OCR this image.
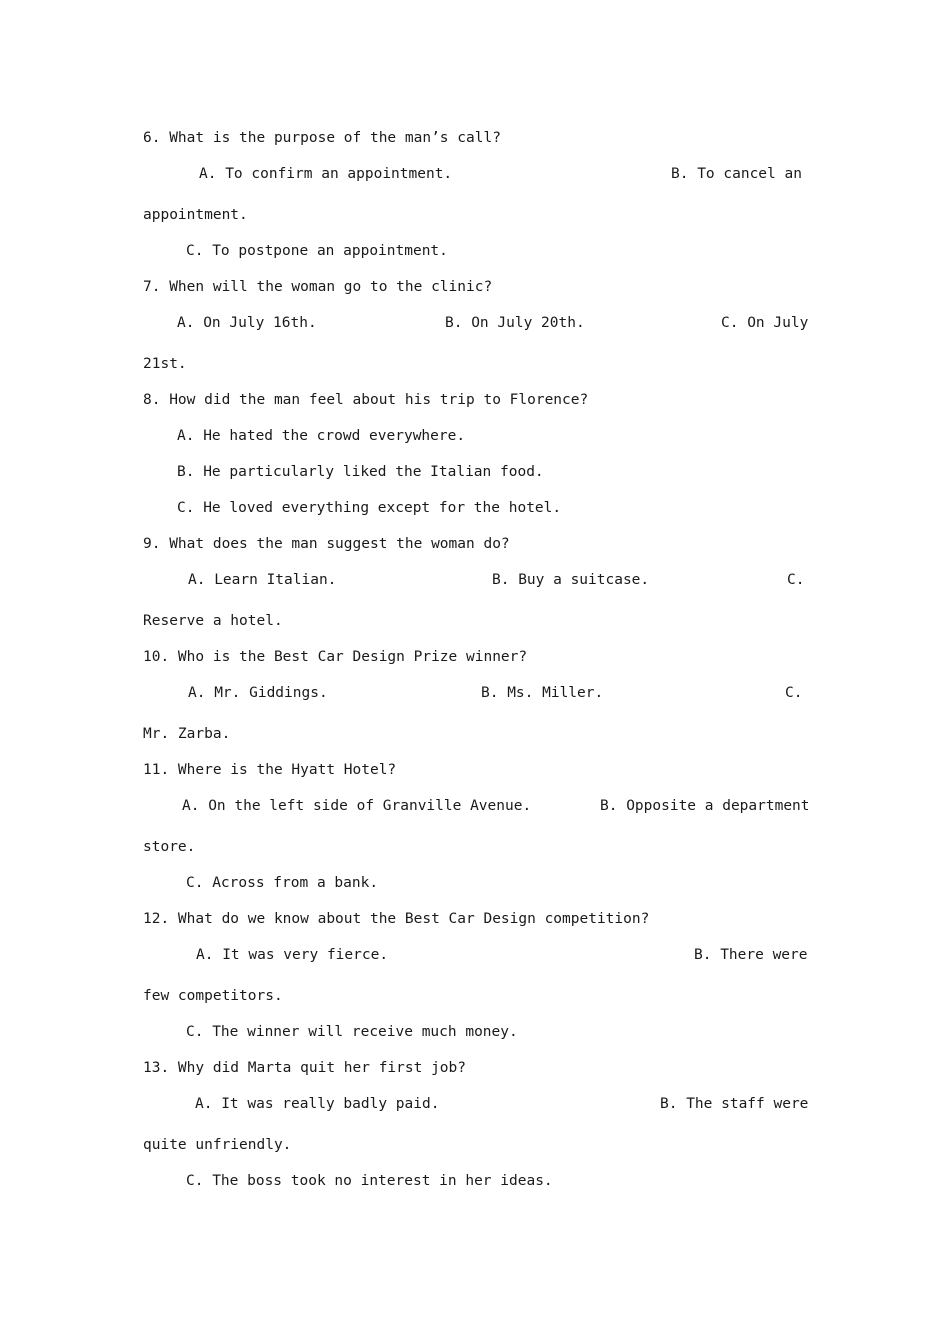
6. What is the purpose of the man’s call?
A. To confirm an appointment.	B. To cancel an
appointment.
C. To postpone an appointment.
7. When will the woman go to the clinic?
A. On July 16th.	B. On July 20th.	C. On July
21st.
8. How did the man feel about his trip to Florence?
A. He hated the crowd everywhere.
B. He particularly liked the Italian food.
C. He loved everything except for the hotel.
9. What does the man suggest the woman do?
A. Learn Italian.	B. Buy a suitcase.	C.
Reserve a hotel.
10. Who is the Best Car Design Prize winner?
A. Mr. Giddings.	B. Ms. Miller.	C.
Mr. Zarba.
11. Where is the Hyatt Hotel?
A. On the left side of Granville Avenue.	B. Opposite a department
store.
C. Across from a bank.
12. What do we know about the Best Car Design competition?
A. It was very fierce.	B. There were
few competitors.
C. The winner will receive much money.
13. Why did Marta quit her first job?
A. It was really badly paid.	B. The staff were
quite unfriendly.
C. The boss took no interest in her ideas.
